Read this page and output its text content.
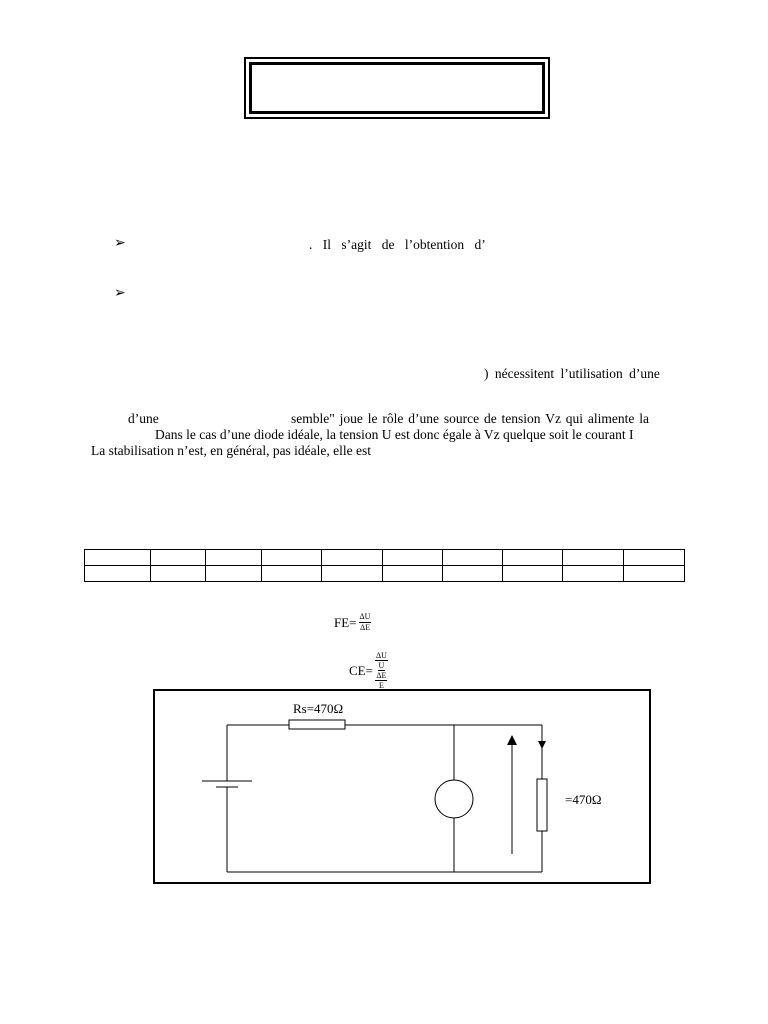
➢	. Il s’agit de l’obtention d’
➢
) nécessitent l’utilisation d’une
d’une	semble" joue le rôle d’une source de tension Vz qui alimente la
Dans le cas d’une diode idéale, la tension U est donc égale à Vz quelque soit le courant I
La stabilisation n’est, en général, pas idéale, elle est

$FE= \frac{\Delta U}{\Delta E}$
CE=
ΔU
U
ΔE
E
Rs=470Ω
=470Ω
